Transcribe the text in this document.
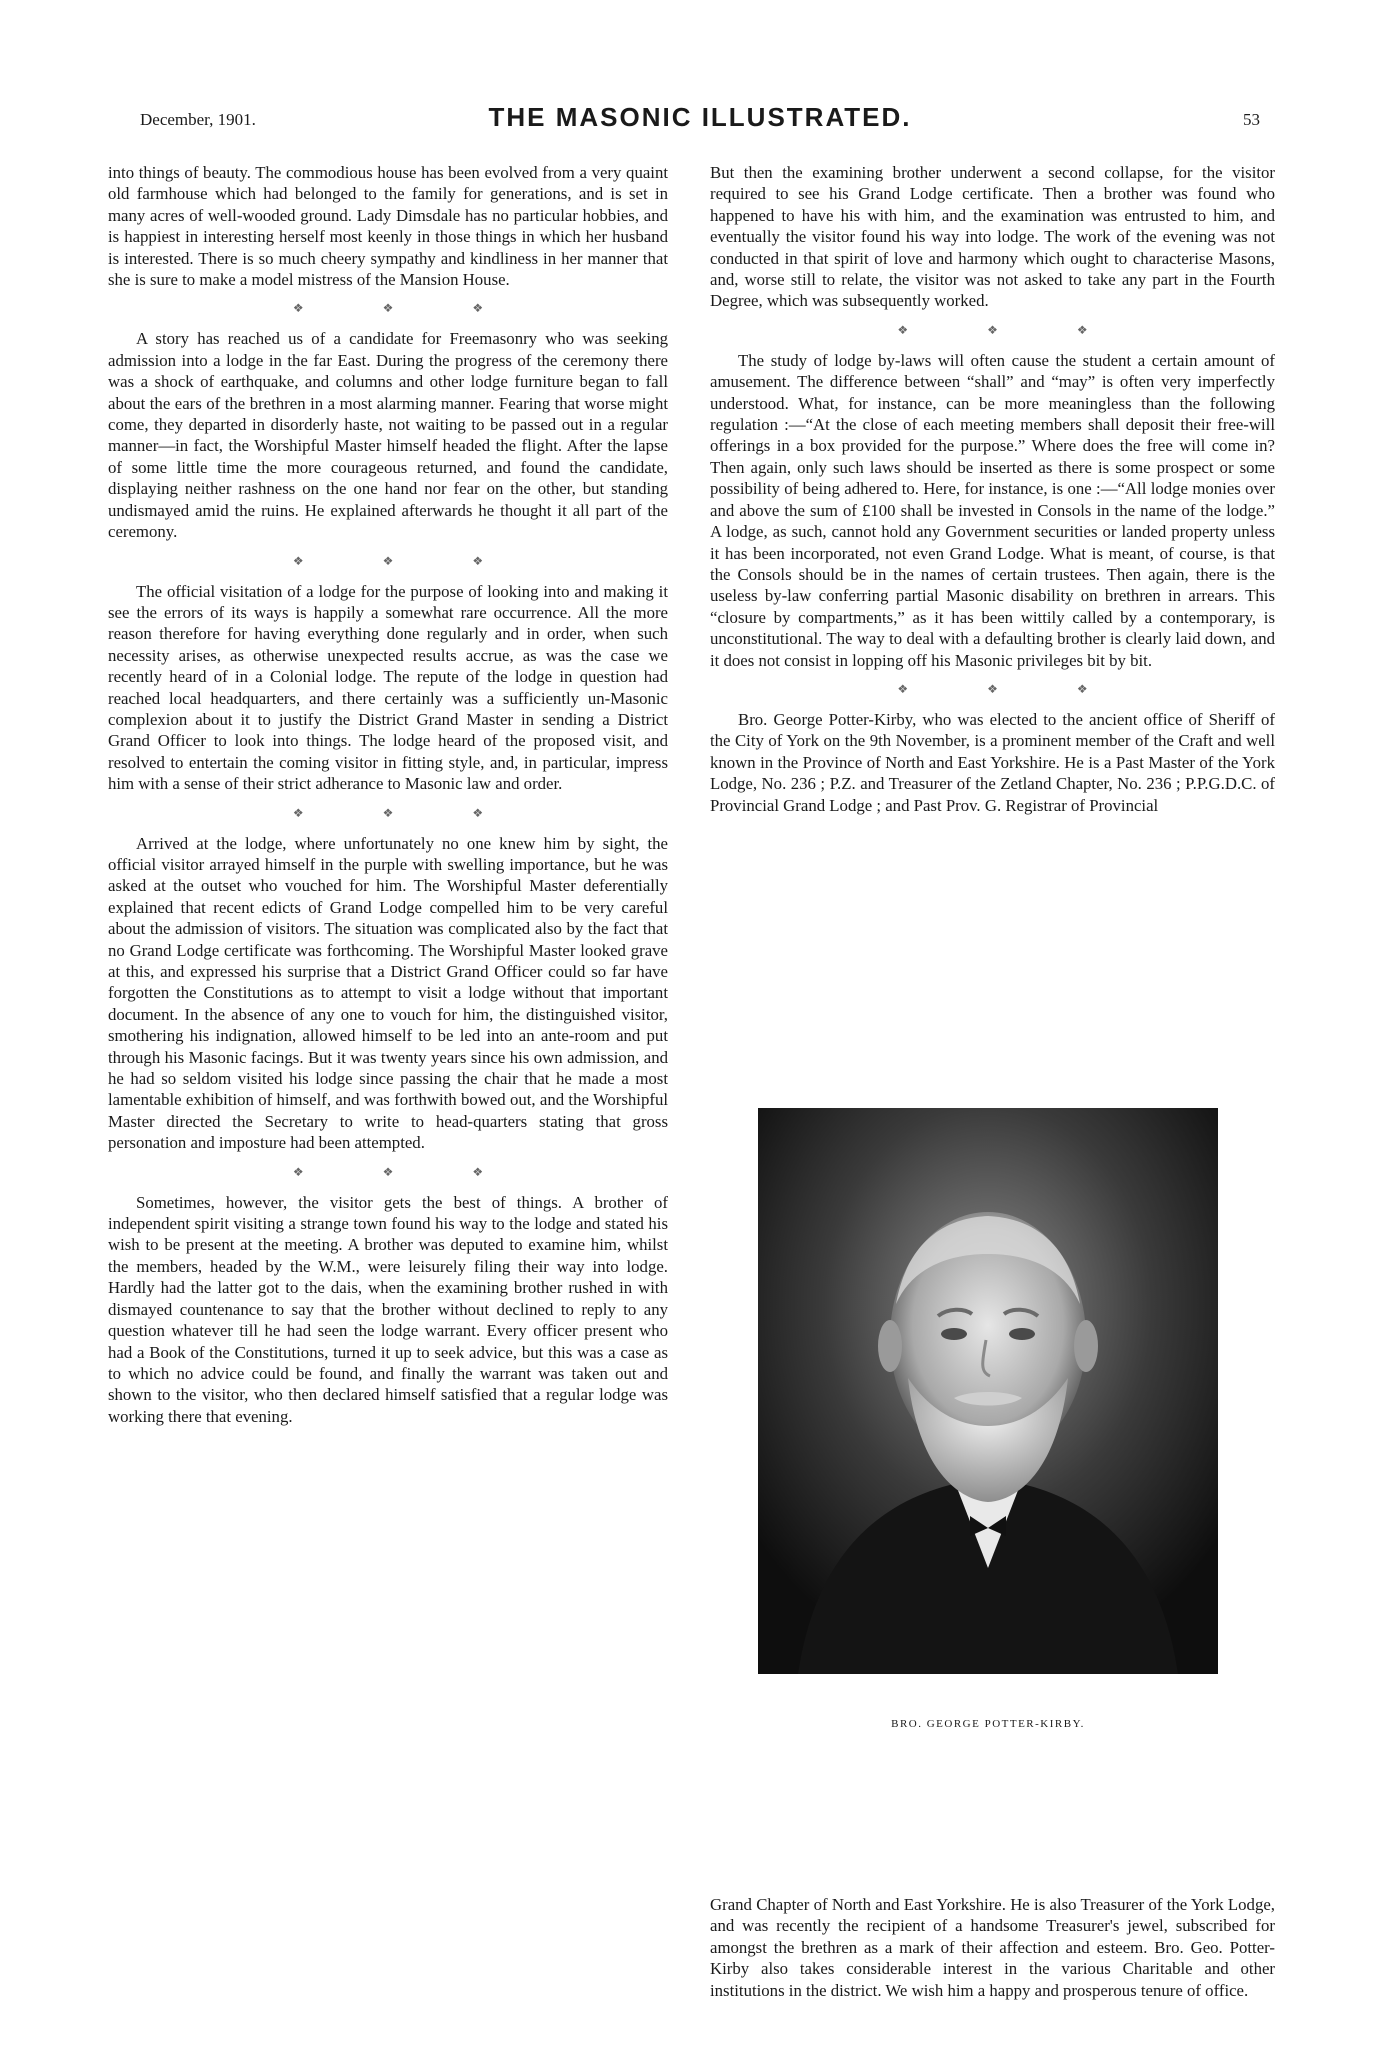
December, 1901.	THE MASONIC ILLUSTRATED.	53

into things of beauty. The commodious house has been evolved from a very quaint old farmhouse which had belonged to the family for generations, and is set in many acres of well-wooded ground. Lady Dimsdale has no particular hobbies, and is happiest in interesting herself most keenly in those things in which her husband is interested. There is so much cheery sympathy and kindliness in her manner that she is sure to make a model mistress of the Mansion House.

❖ ❖ ❖

A story has reached us of a candidate for Freemasonry who was seeking admission into a lodge in the far East. During the progress of the ceremony there was a shock of earthquake, and columns and other lodge furniture began to fall about the ears of the brethren in a most alarming manner. Fearing that worse might come, they departed in disorderly haste, not waiting to be passed out in a regular manner—in fact, the Worshipful Master himself headed the flight. After the lapse of some little time the more courageous returned, and found the candidate, displaying neither rashness on the one hand nor fear on the other, but standing undismayed amid the ruins. He explained afterwards he thought it all part of the ceremony.

❖ ❖ ❖

The official visitation of a lodge for the purpose of looking into and making it see the errors of its ways is happily a somewhat rare occurrence. All the more reason therefore for having everything done regularly and in order, when such necessity arises, as otherwise unexpected results accrue, as was the case we recently heard of in a Colonial lodge. The repute of the lodge in question had reached local headquarters, and there certainly was a sufficiently un-Masonic complexion about it to justify the District Grand Master in sending a District Grand Officer to look into things. The lodge heard of the proposed visit, and resolved to entertain the coming visitor in fitting style, and, in particular, impress him with a sense of their strict adherance to Masonic law and order.

❖ ❖ ❖

Arrived at the lodge, where unfortunately no one knew him by sight, the official visitor arrayed himself in the purple with swelling importance, but he was asked at the outset who vouched for him. The Worshipful Master deferentially explained that recent edicts of Grand Lodge compelled him to be very careful about the admission of visitors. The situation was complicated also by the fact that no Grand Lodge certificate was forthcoming. The Worshipful Master looked grave at this, and expressed his surprise that a District Grand Officer could so far have forgotten the Constitutions as to attempt to visit a lodge without that important document. In the absence of any one to vouch for him, the distinguished visitor, smothering his indignation, allowed himself to be led into an ante-room and put through his Masonic facings. But it was twenty years since his own admission, and he had so seldom visited his lodge since passing the chair that he made a most lamentable exhibition of himself, and was forthwith bowed out, and the Worshipful Master directed the Secretary to write to head-quarters stating that gross personation and imposture had been attempted.

❖ ❖ ❖

Sometimes, however, the visitor gets the best of things. A brother of independent spirit visiting a strange town found his way to the lodge and stated his wish to be present at the meeting. A brother was deputed to examine him, whilst the members, headed by the W.M., were leisurely filing their way into lodge. Hardly had the latter got to the dais, when the examining brother rushed in with dismayed countenance to say that the brother without declined to reply to any question whatever till he had seen the lodge warrant. Every officer present who had a Book of the Constitutions, turned it up to seek advice, but this was a case as to which no advice could be found, and finally the warrant was taken out and shown to the visitor, who then declared himself satisfied that a regular lodge was working there that evening.

But then the examining brother underwent a second collapse, for the visitor required to see his Grand Lodge certificate. Then a brother was found who happened to have his with him, and the examination was entrusted to him, and eventually the visitor found his way into lodge. The work of the evening was not conducted in that spirit of love and harmony which ought to characterise Masons, and, worse still to relate, the visitor was not asked to take any part in the Fourth Degree, which was subsequently worked.

❖ ❖ ❖

The study of lodge by-laws will often cause the student a certain amount of amusement. The difference between “shall” and “may” is often very imperfectly understood. What, for instance, can be more meaningless than the following regulation :—“At the close of each meeting members shall deposit their free-will offerings in a box provided for the purpose.” Where does the free will come in? Then again, only such laws should be inserted as there is some prospect or some possibility of being adhered to. Here, for instance, is one :—“All lodge monies over and above the sum of £100 shall be invested in Consols in the name of the lodge.” A lodge, as such, cannot hold any Government securities or landed property unless it has been incorporated, not even Grand Lodge. What is meant, of course, is that the Consols should be in the names of certain trustees. Then again, there is the useless by-law conferring partial Masonic disability on brethren in arrears. This “closure by compartments,” as it has been wittily called by a contemporary, is unconstitutional. The way to deal with a defaulting brother is clearly laid down, and it does not consist in lopping off his Masonic privileges bit by bit.

❖ ❖ ❖

Bro. George Potter-Kirby, who was elected to the ancient office of Sheriff of the City of York on the 9th November, is a prominent member of the Craft and well known in the Province of North and East Yorkshire. He is a Past Master of the York Lodge, No. 236 ; P.Z. and Treasurer of the Zetland Chapter, No. 236 ; P.P.G.D.C. of Provincial Grand Lodge ; and Past Prov. G. Registrar of Provincial

BRO. GEORGE POTTER-KIRBY.

Grand Chapter of North and East Yorkshire. He is also Treasurer of the York Lodge, and was recently the recipient of a handsome Treasurer's jewel, subscribed for amongst the brethren as a mark of their affection and esteem. Bro. Geo. Potter-Kirby also takes considerable interest in the various Charitable and other institutions in the district. We wish him a happy and prosperous tenure of office.
